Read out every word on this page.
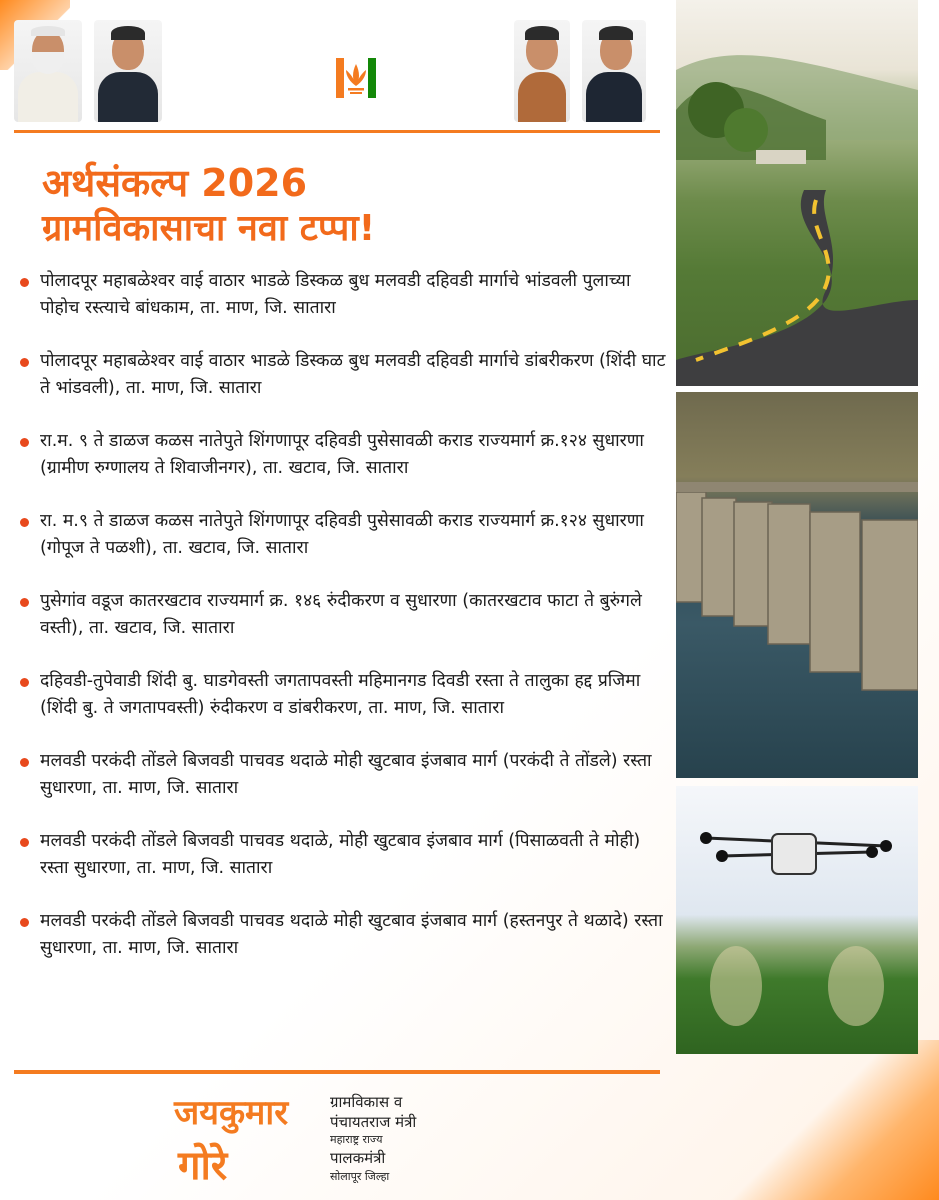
अर्थसंकल्प 2026
ग्रामविकासाचा नवा टप्पा!
पोलादपूर महाबळेश्वर वाई वाठार भाडळे डिस्कळ बुध मलवडी दहिवडी मार्गाचे भांडवली पुलाच्या पोहोच रस्त्याचे बांधकाम, ता. माण, जि. सातारा
पोलादपूर महाबळेश्वर वाई वाठार भाडळे डिस्कळ बुध मलवडी दहिवडी मार्गाचे डांबरीकरण (शिंदी घाट ते भांडवली), ता. माण, जि. सातारा
रा.म. ९ ते डाळज कळस नातेपुते शिंगणापूर दहिवडी पुसेसावळी कराड राज्यमार्ग क्र.१२४ सुधारणा (ग्रामीण रुग्णालय ते शिवाजीनगर), ता. खटाव, जि. सातारा
रा. म.९ ते डाळज कळस नातेपुते शिंगणापूर दहिवडी पुसेसावळी कराड राज्यमार्ग क्र.१२४ सुधारणा (गोपूज ते पळशी), ता. खटाव, जि. सातारा
पुसेगांव वडूज कातरखटाव राज्यमार्ग क्र. १४६ रुंदीकरण व सुधारणा (कातरखटाव फाटा ते बुरुंगले वस्ती), ता. खटाव, जि. सातारा
दहिवडी-तुपेवाडी शिंदी बु. घाडगेवस्ती जगतापवस्ती महिमानगड दिवडी रस्ता ते तालुका हद्द प्रजिमा (शिंदी बु. ते जगतापवस्ती) रुंदीकरण व डांबरीकरण, ता. माण, जि. सातारा
मलवडी परकंदी तोंडले बिजवडी पाचवड थदाळे मोही खुटबाव इंजबाव मार्ग (परकंदी ते तोंडले) रस्ता सुधारणा, ता. माण, जि. सातारा
मलवडी परकंदी तोंडले बिजवडी पाचवड थदाळे, मोही खुटबाव इंजबाव मार्ग (पिसाळवती ते मोही) रस्ता सुधारणा, ता. माण, जि. सातारा
मलवडी परकंदी तोंडले बिजवडी पाचवड थदाळे मोही खुटबाव इंजबाव मार्ग (हस्तनपुर ते थळादे) रस्ता सुधारणा, ता. माण, जि. सातारा
जयकुमार
गोरे
ग्रामविकास व
पंचायतराज मंत्री
महाराष्ट्र राज्य
पालकमंत्री
सोलापूर जिल्हा
